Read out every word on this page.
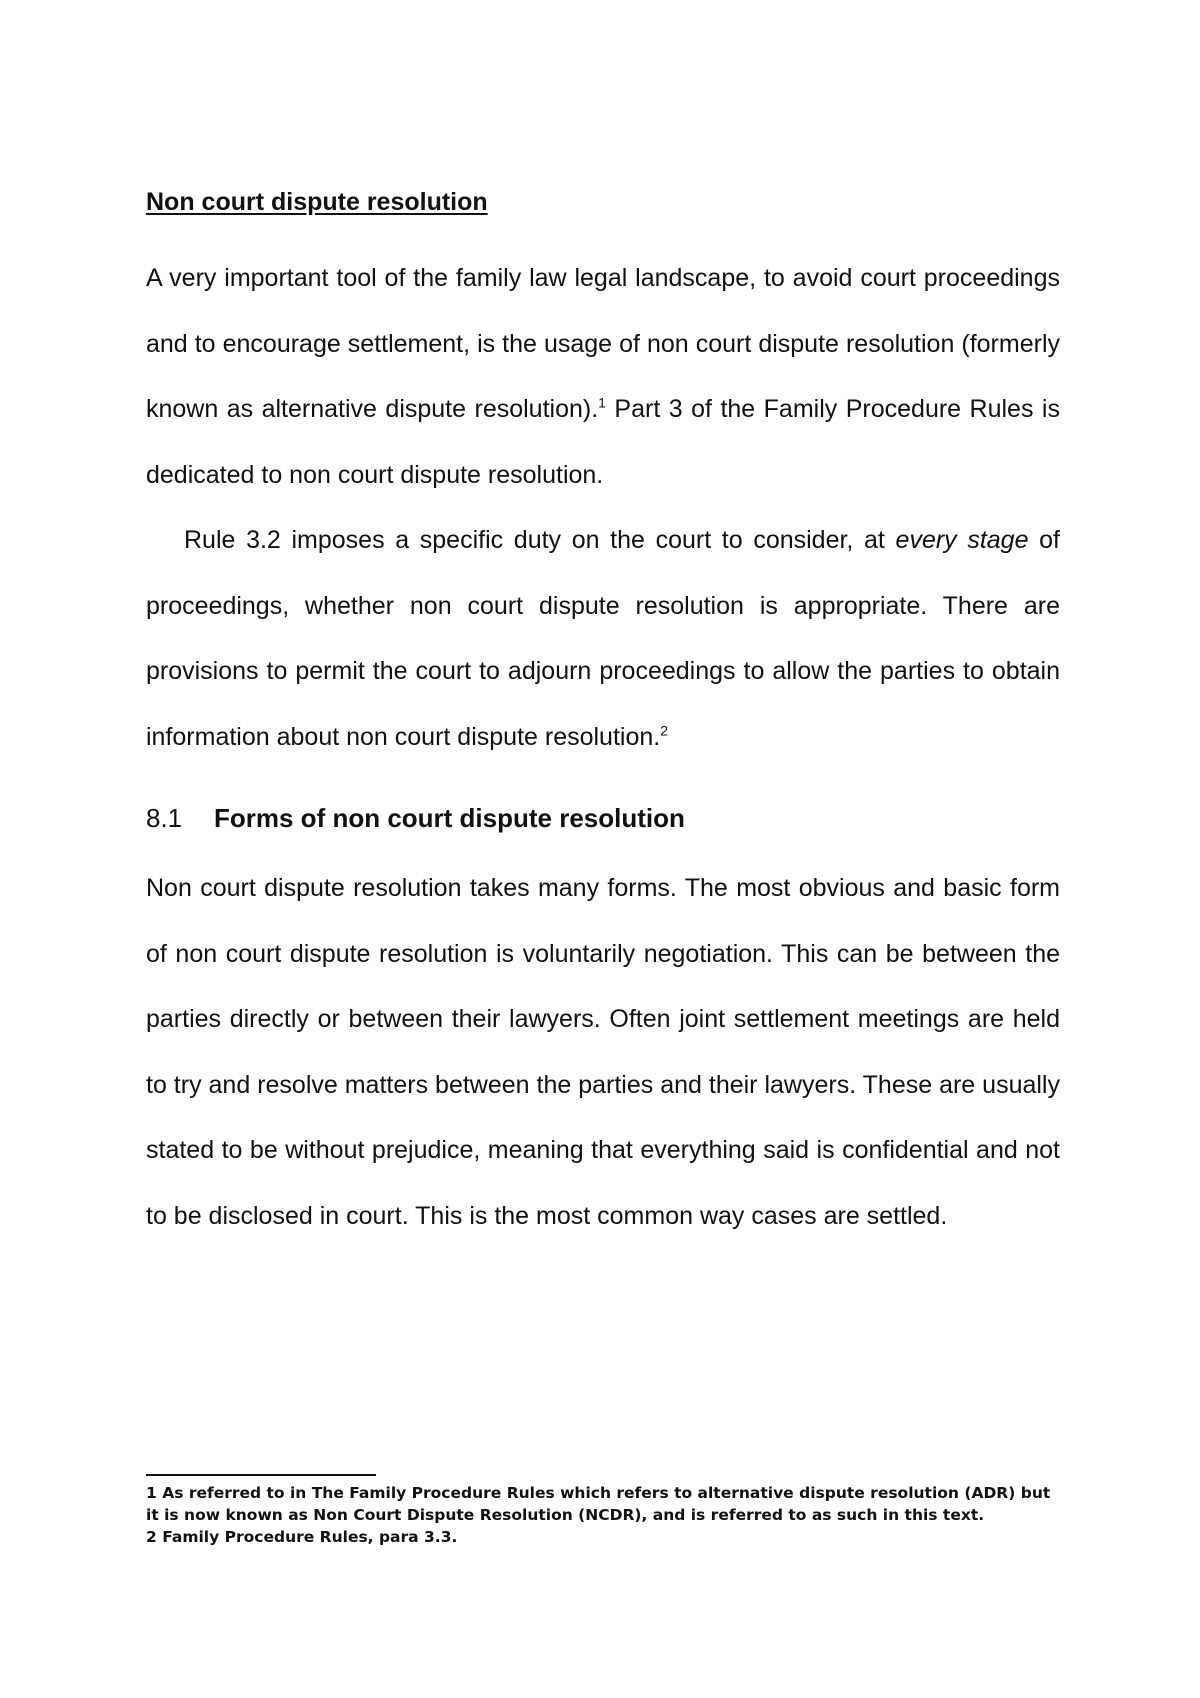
Non court dispute resolution

A very important tool of the family law legal landscape, to avoid court proceedings and to encourage settlement, is the usage of non court dispute resolution (formerly known as alternative dispute resolution).$^1$ Part 3 of the Family Procedure Rules is dedicated to non court dispute resolution.

Rule 3.2 imposes a specific duty on the court to consider, at every stage of proceedings, whether non court dispute resolution is appropriate. There are provisions to permit the court to adjourn proceedings to allow the parties to obtain information about non court dispute resolution.$^2$

8.1	Forms of non court dispute resolution

Non court dispute resolution takes many forms. The most obvious and basic form of non court dispute resolution is voluntarily negotiation. This can be between the parties directly or between their lawyers. Often joint settlement meetings are held to try and resolve matters between the parties and their lawyers. These are usually stated to be without prejudice, meaning that everything said is confidential and not to be disclosed in court. This is the most common way cases are settled.

1 As referred to in The Family Procedure Rules which refers to alternative dispute resolution (ADR) but it is now known as Non Court Dispute Resolution (NCDR), and is referred to as such in this text.

2 Family Procedure Rules, para 3.3.
